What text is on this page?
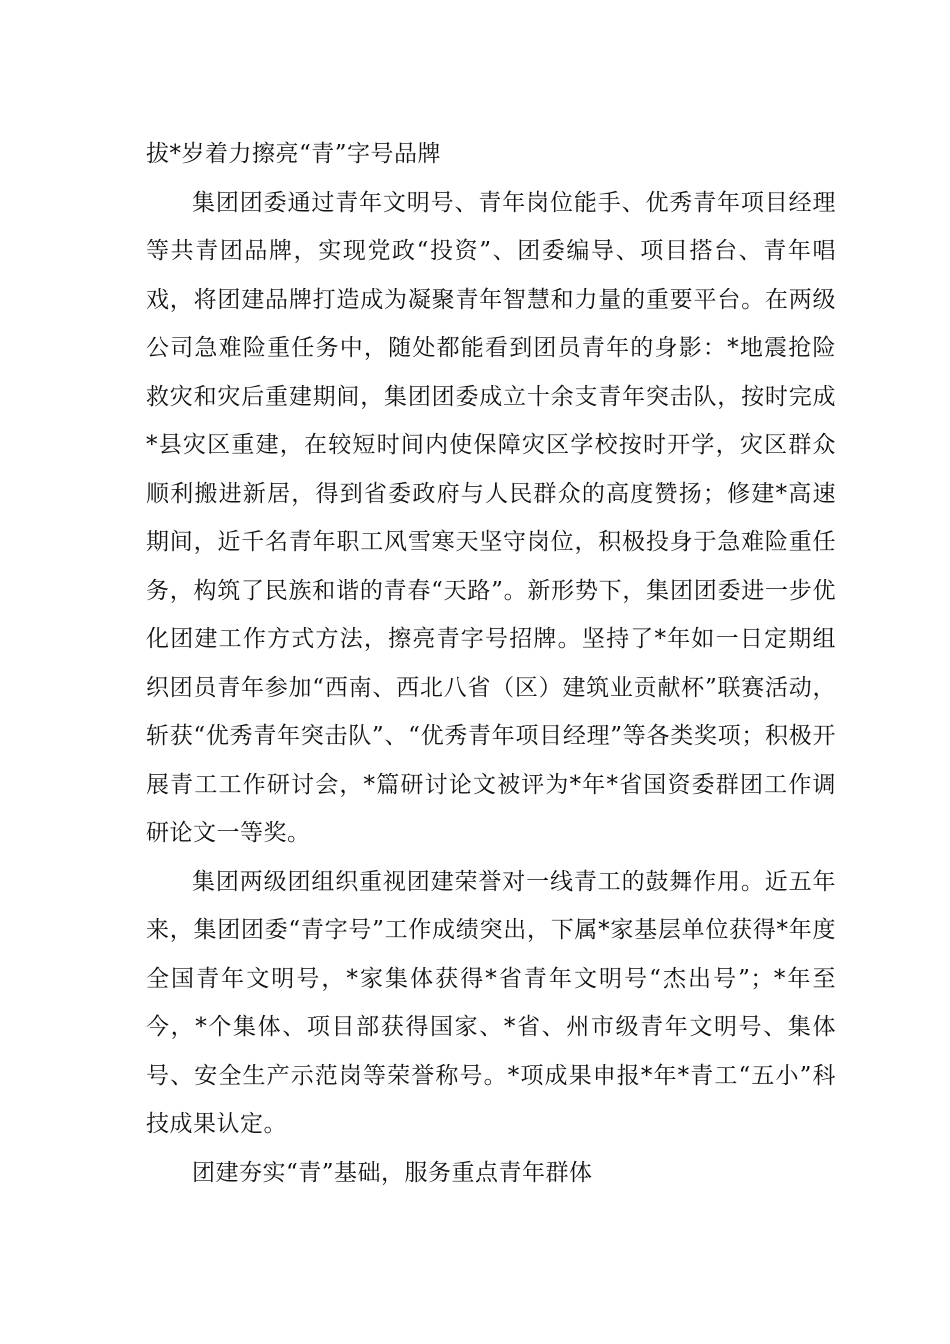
拔*岁着力擦亮“青”字号品牌

集团团委通过青年文明号、青年岗位能手、优秀青年项目经理等共青团品牌，实现党政“投资”、团委编导、项目搭台、青年唱戏，将团建品牌打造成为凝聚青年智慧和力量的重要平台。在两级公司急难险重任务中，随处都能看到团员青年的身影：*地震抢险救灾和灾后重建期间，集团团委成立十余支青年突击队，按时完成*县灾区重建，在较短时间内使保障灾区学校按时开学，灾区群众顺利搬进新居，得到省委政府与人民群众的高度赞扬；修建*高速期间，近千名青年职工风雪寒天坚守岗位，积极投身于急难险重任务，构筑了民族和谐的青春“天路”。新形势下，集团团委进一步优化团建工作方式方法，擦亮青字号招牌。坚持了*年如一日定期组织团员青年参加“西南、西北八省（区）建筑业贡献杯”联赛活动，斩获“优秀青年突击队”、“优秀青年项目经理”等各类奖项；积极开展青工工作研讨会，*篇研讨论文被评为*年*省国资委群团工作调研论文一等奖。

集团两级团组织重视团建荣誉对一线青工的鼓舞作用。近五年来，集团团委“青字号”工作成绩突出，下属*家基层单位获得*年度全国青年文明号，*家集体获得*省青年文明号“杰出号”；*年至今，*个集体、项目部获得国家、*省、州市级青年文明号、集体号、安全生产示范岗等荣誉称号。*项成果申报*年*青工“五小”科技成果认定。

团建夯实“青”基础，服务重点青年群体
